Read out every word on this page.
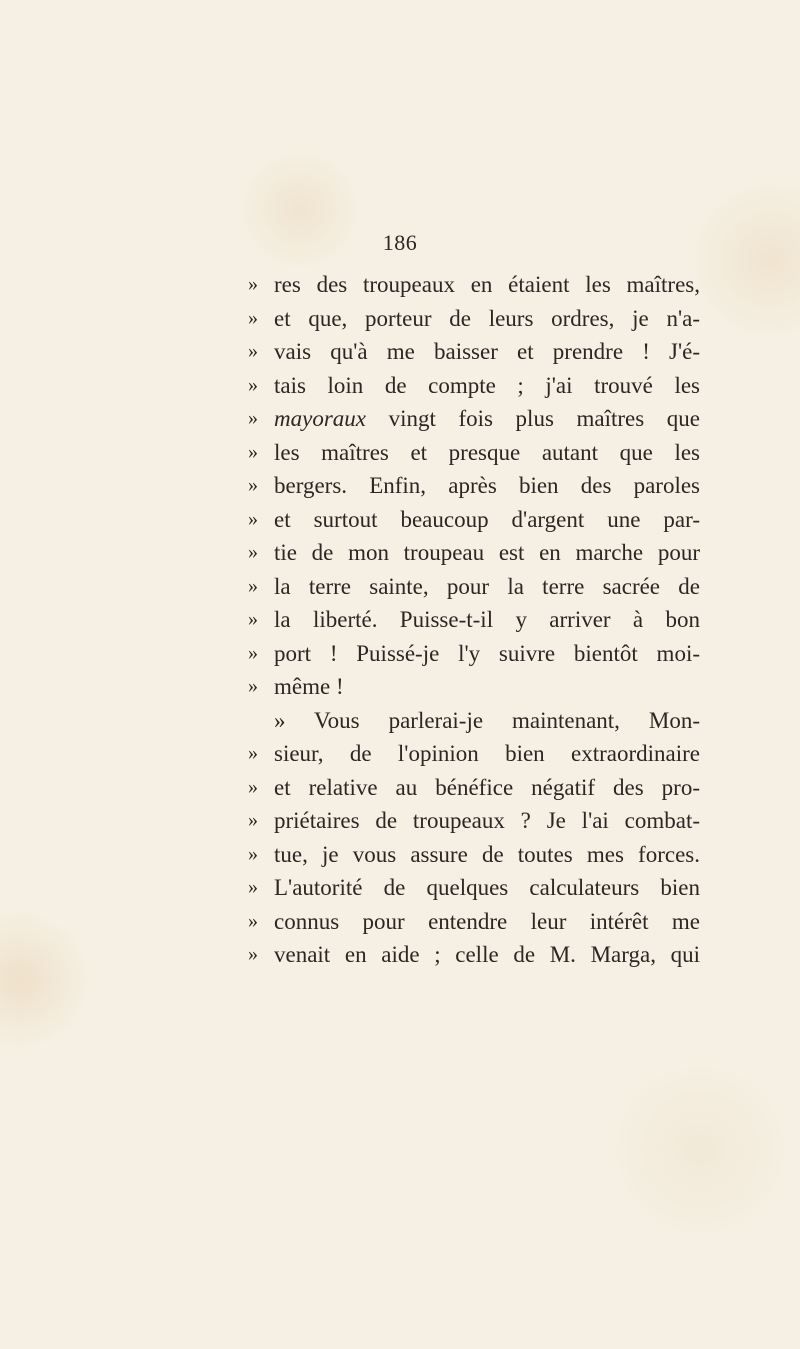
186
» res des troupeaux en étaient les maîtres,
» et que, porteur de leurs ordres, je n'a-
» vais qu'à me baisser et prendre ! J'é-
» tais loin de compte ; j'ai trouvé les
» mayoraux vingt fois plus maîtres que
» les maîtres et presque autant que les
» bergers. Enfin, après bien des paroles
» et surtout beaucoup d'argent une par-
» tie de mon troupeau est en marche pour
» la terre sainte, pour la terre sacrée de
» la liberté. Puisse-t-il y arriver à bon
» port ! Puissé-je l'y suivre bientôt moi-
» même !
» Vous parlerai-je maintenant, Mon-
» sieur, de l'opinion bien extraordinaire
» et relative au bénéfice négatif des pro-
» priétaires de troupeaux ? Je l'ai combat-
» tue, je vous assure de toutes mes forces.
» L'autorité de quelques calculateurs bien
» connus pour entendre leur intérêt me
» venait en aide ; celle de M. Marga, qui
